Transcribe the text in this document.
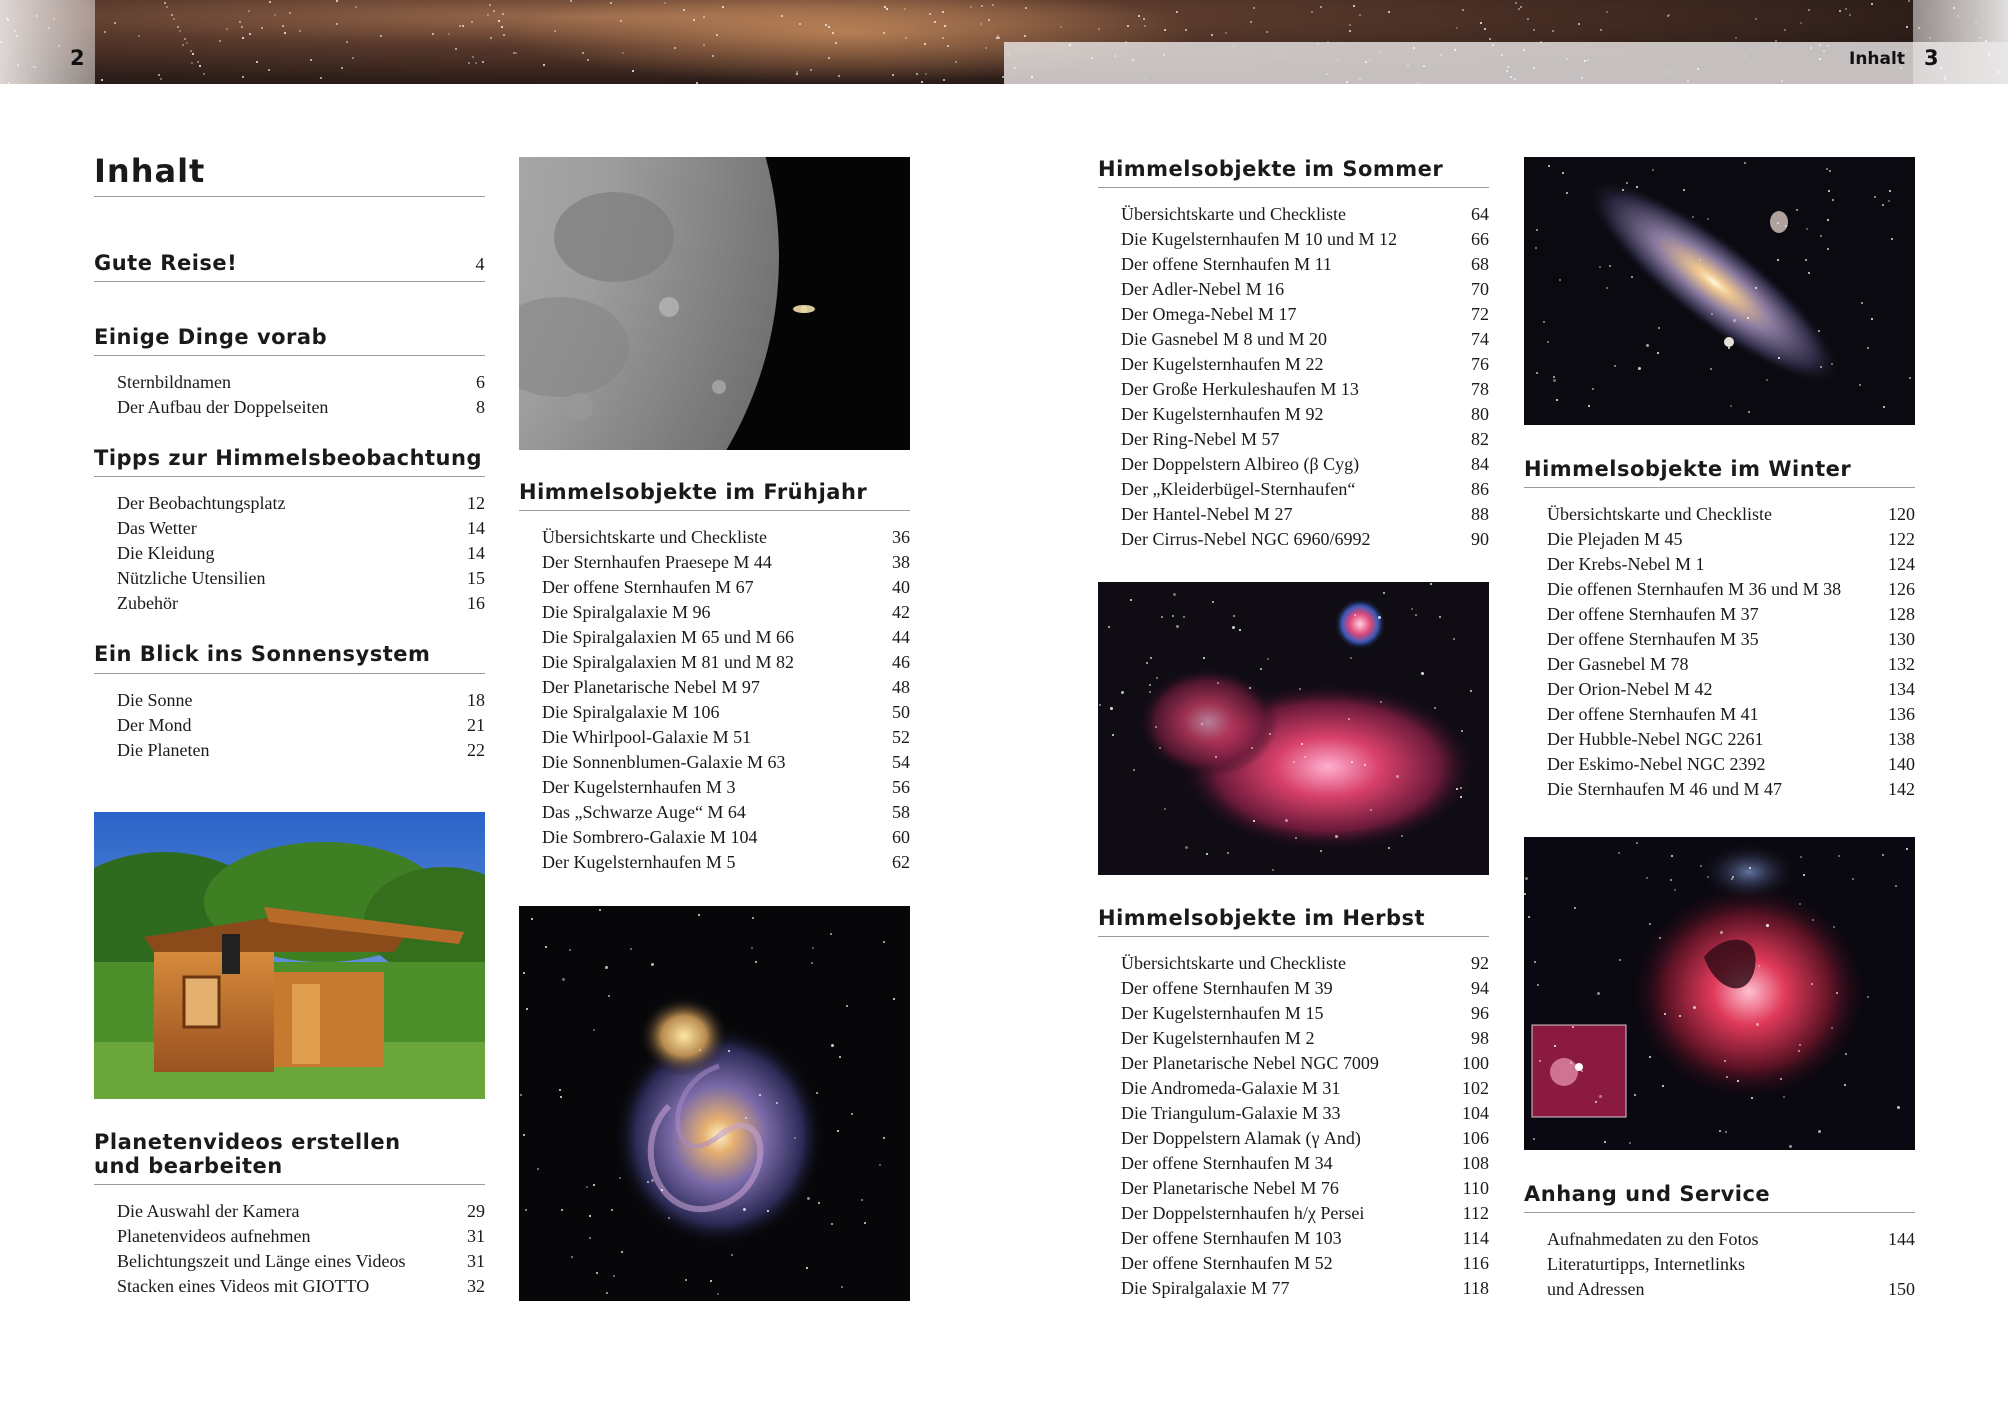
2	Inhalt 3
Inhalt
Gute Reise!	4
Einige Dinge vorab
Sternbildnamen	6
Der Aufbau der Doppelseiten	8
Tipps zur Himmelsbeobachtung
Der Beobachtungsplatz	12
Das Wetter	14
Die Kleidung	14
Nützliche Utensilien	15
Zubehör	16
Ein Blick ins Sonnensystem
Die Sonne	18
Der Mond	21
Die Planeten	22
Planetenvideos erstellen
und bearbeiten
Die Auswahl der Kamera	29
Planetenvideos aufnehmen	31
Belichtungszeit und Länge eines Videos	31
Stacken eines Videos mit GIOTTO	32
Himmelsobjekte im Frühjahr
Übersichtskarte und Checkliste	36
Der Sternhaufen Praesepe M 44	38
Der offene Sternhaufen M 67	40
Die Spiralgalaxie M 96	42
Die Spiralgalaxien M 65 und M 66	44
Die Spiralgalaxien M 81 und M 82	46
Der Planetarische Nebel M 97	48
Die Spiralgalaxie M 106	50
Die Whirlpool-Galaxie M 51	52
Die Sonnenblumen-Galaxie M 63	54
Der Kugelsternhaufen M 3	56
Das „Schwarze Auge“ M 64	58
Die Sombrero-Galaxie M 104	60
Der Kugelsternhaufen M 5	62
Himmelsobjekte im Sommer
Übersichtskarte und Checkliste	64
Die Kugelsternhaufen M 10 und M 12	66
Der offene Sternhaufen M 11	68
Der Adler-Nebel M 16	70
Der Omega-Nebel M 17	72
Die Gasnebel M 8 und M 20	74
Der Kugelsternhaufen M 22	76
Der Große Herkuleshaufen M 13	78
Der Kugelsternhaufen M 92	80
Der Ring-Nebel M 57	82
Der Doppelstern Albireo (β Cyg)	84
Der „Kleiderbügel-Sternhaufen“	86
Der Hantel-Nebel M 27	88
Der Cirrus-Nebel NGC 6960/6992	90
Himmelsobjekte im Herbst
Übersichtskarte und Checkliste	92
Der offene Sternhaufen M 39	94
Der Kugelsternhaufen M 15	96
Der Kugelsternhaufen M 2	98
Der Planetarische Nebel NGC 7009	100
Die Andromeda-Galaxie M 31	102
Die Triangulum-Galaxie M 33	104
Der Doppelstern Alamak (γ And)	106
Der offene Sternhaufen M 34	108
Der Planetarische Nebel M 76	110
Der Doppelsternhaufen h/χ Persei	112
Der offene Sternhaufen M 103	114
Der offene Sternhaufen M 52	116
Die Spiralgalaxie M 77	118
Himmelsobjekte im Winter
Übersichtskarte und Checkliste	120
Die Plejaden M 45	122
Der Krebs-Nebel M 1	124
Die offenen Sternhaufen M 36 und M 38	126
Der offene Sternhaufen M 37	128
Der offene Sternhaufen M 35	130
Der Gasnebel M 78	132
Der Orion-Nebel M 42	134
Der offene Sternhaufen M 41	136
Der Hubble-Nebel NGC 2261	138
Der Eskimo-Nebel NGC 2392	140
Die Sternhaufen M 46 und M 47	142
Anhang und Service
Aufnahmedaten zu den Fotos	144
Literaturtipps, Internetlinks
und Adressen	150
